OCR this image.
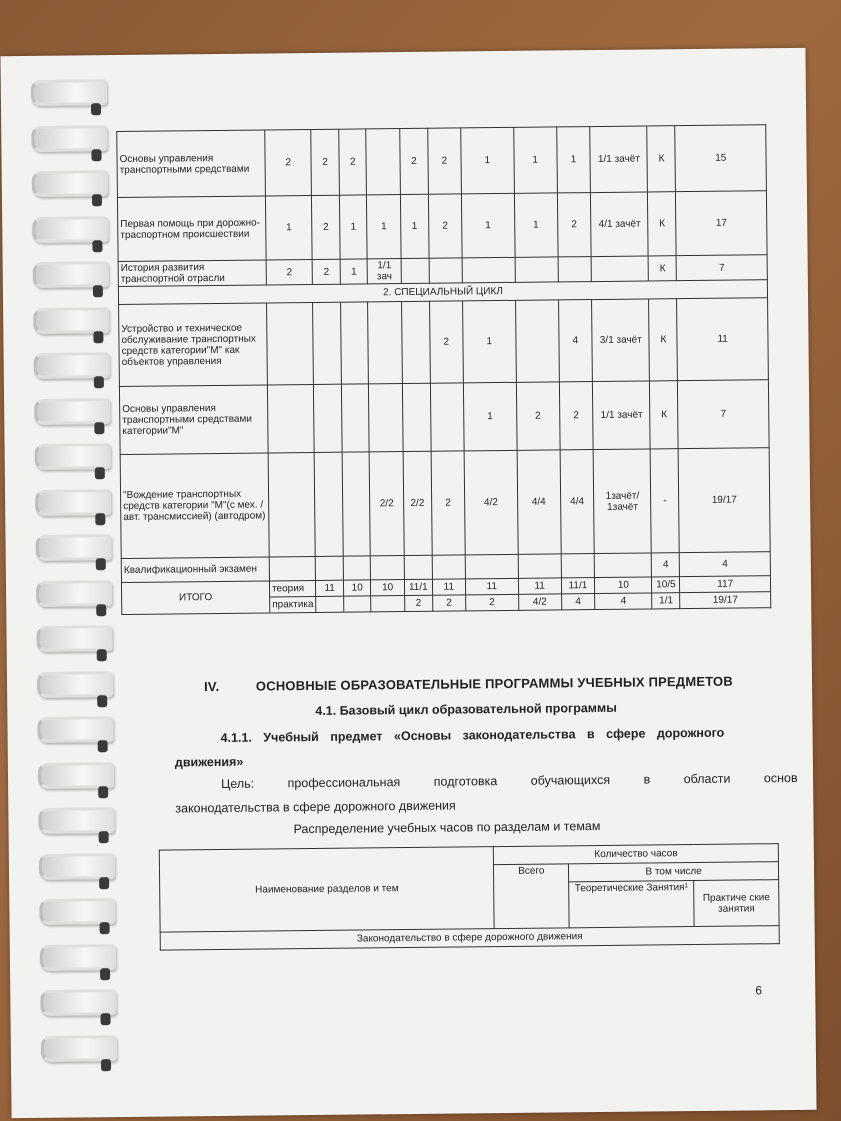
Основы управления транспортными средствами	2	2	2		2	2	1	1	1	1/1 зачёт	К	15
Первая помощь при дорожно-траспортном происшествии	1	2	1	1	1	2	1	1	2	4/1 зачёт	К	17
История развития транспортной отрасли	2	2	1	1/1 зач							К	7
2. СПЕЦИАЛЬНЫЙ ЦИКЛ												
Устройство и техническое обслуживание транспортных средств категории"М" как объектов управления						2	1		4	3/1 зачёт	К	11
Основы управления транспортными средствами категории"М"							1	2	2	1/1 зачёт	К	7
"Вождение транспортных средств категории "М"(с мех. / авт. трансмиссией) (автодром)				2/2	2/2	2	4/2	4/4	4/4	1зачёт/ 1зачёт	-	19/17
Квалификационный экзамен											4	4
ИТОГО	теория	11	10	10	11/1	11	11	11	11/1	10	10/5	117
	практика				2	2	2	4/2	4	4	1/1	19/17
IV.	ОСНОВНЫЕ ОБРАЗОВАТЕЛЬНЫЕ ПРОГРАММЫ УЧЕБНЫХ ПРЕДМЕТОВ
4.1. Базовый цикл образовательной программы
4.1.1. Учебный предмет «Основы законодательства в сфере дорожного
движения»
Цель: профессиональная подготовка обучающихся в области основ
законодательства в сфере дорожного движения
Распределение учебных часов по разделам и темам
Наименование разделов и тем	Количество часов		
	Всего	В том числе	
		Теоретические Занятия¹	Практиче ские занятия
Законодательство в сфере дорожного движения			
6
